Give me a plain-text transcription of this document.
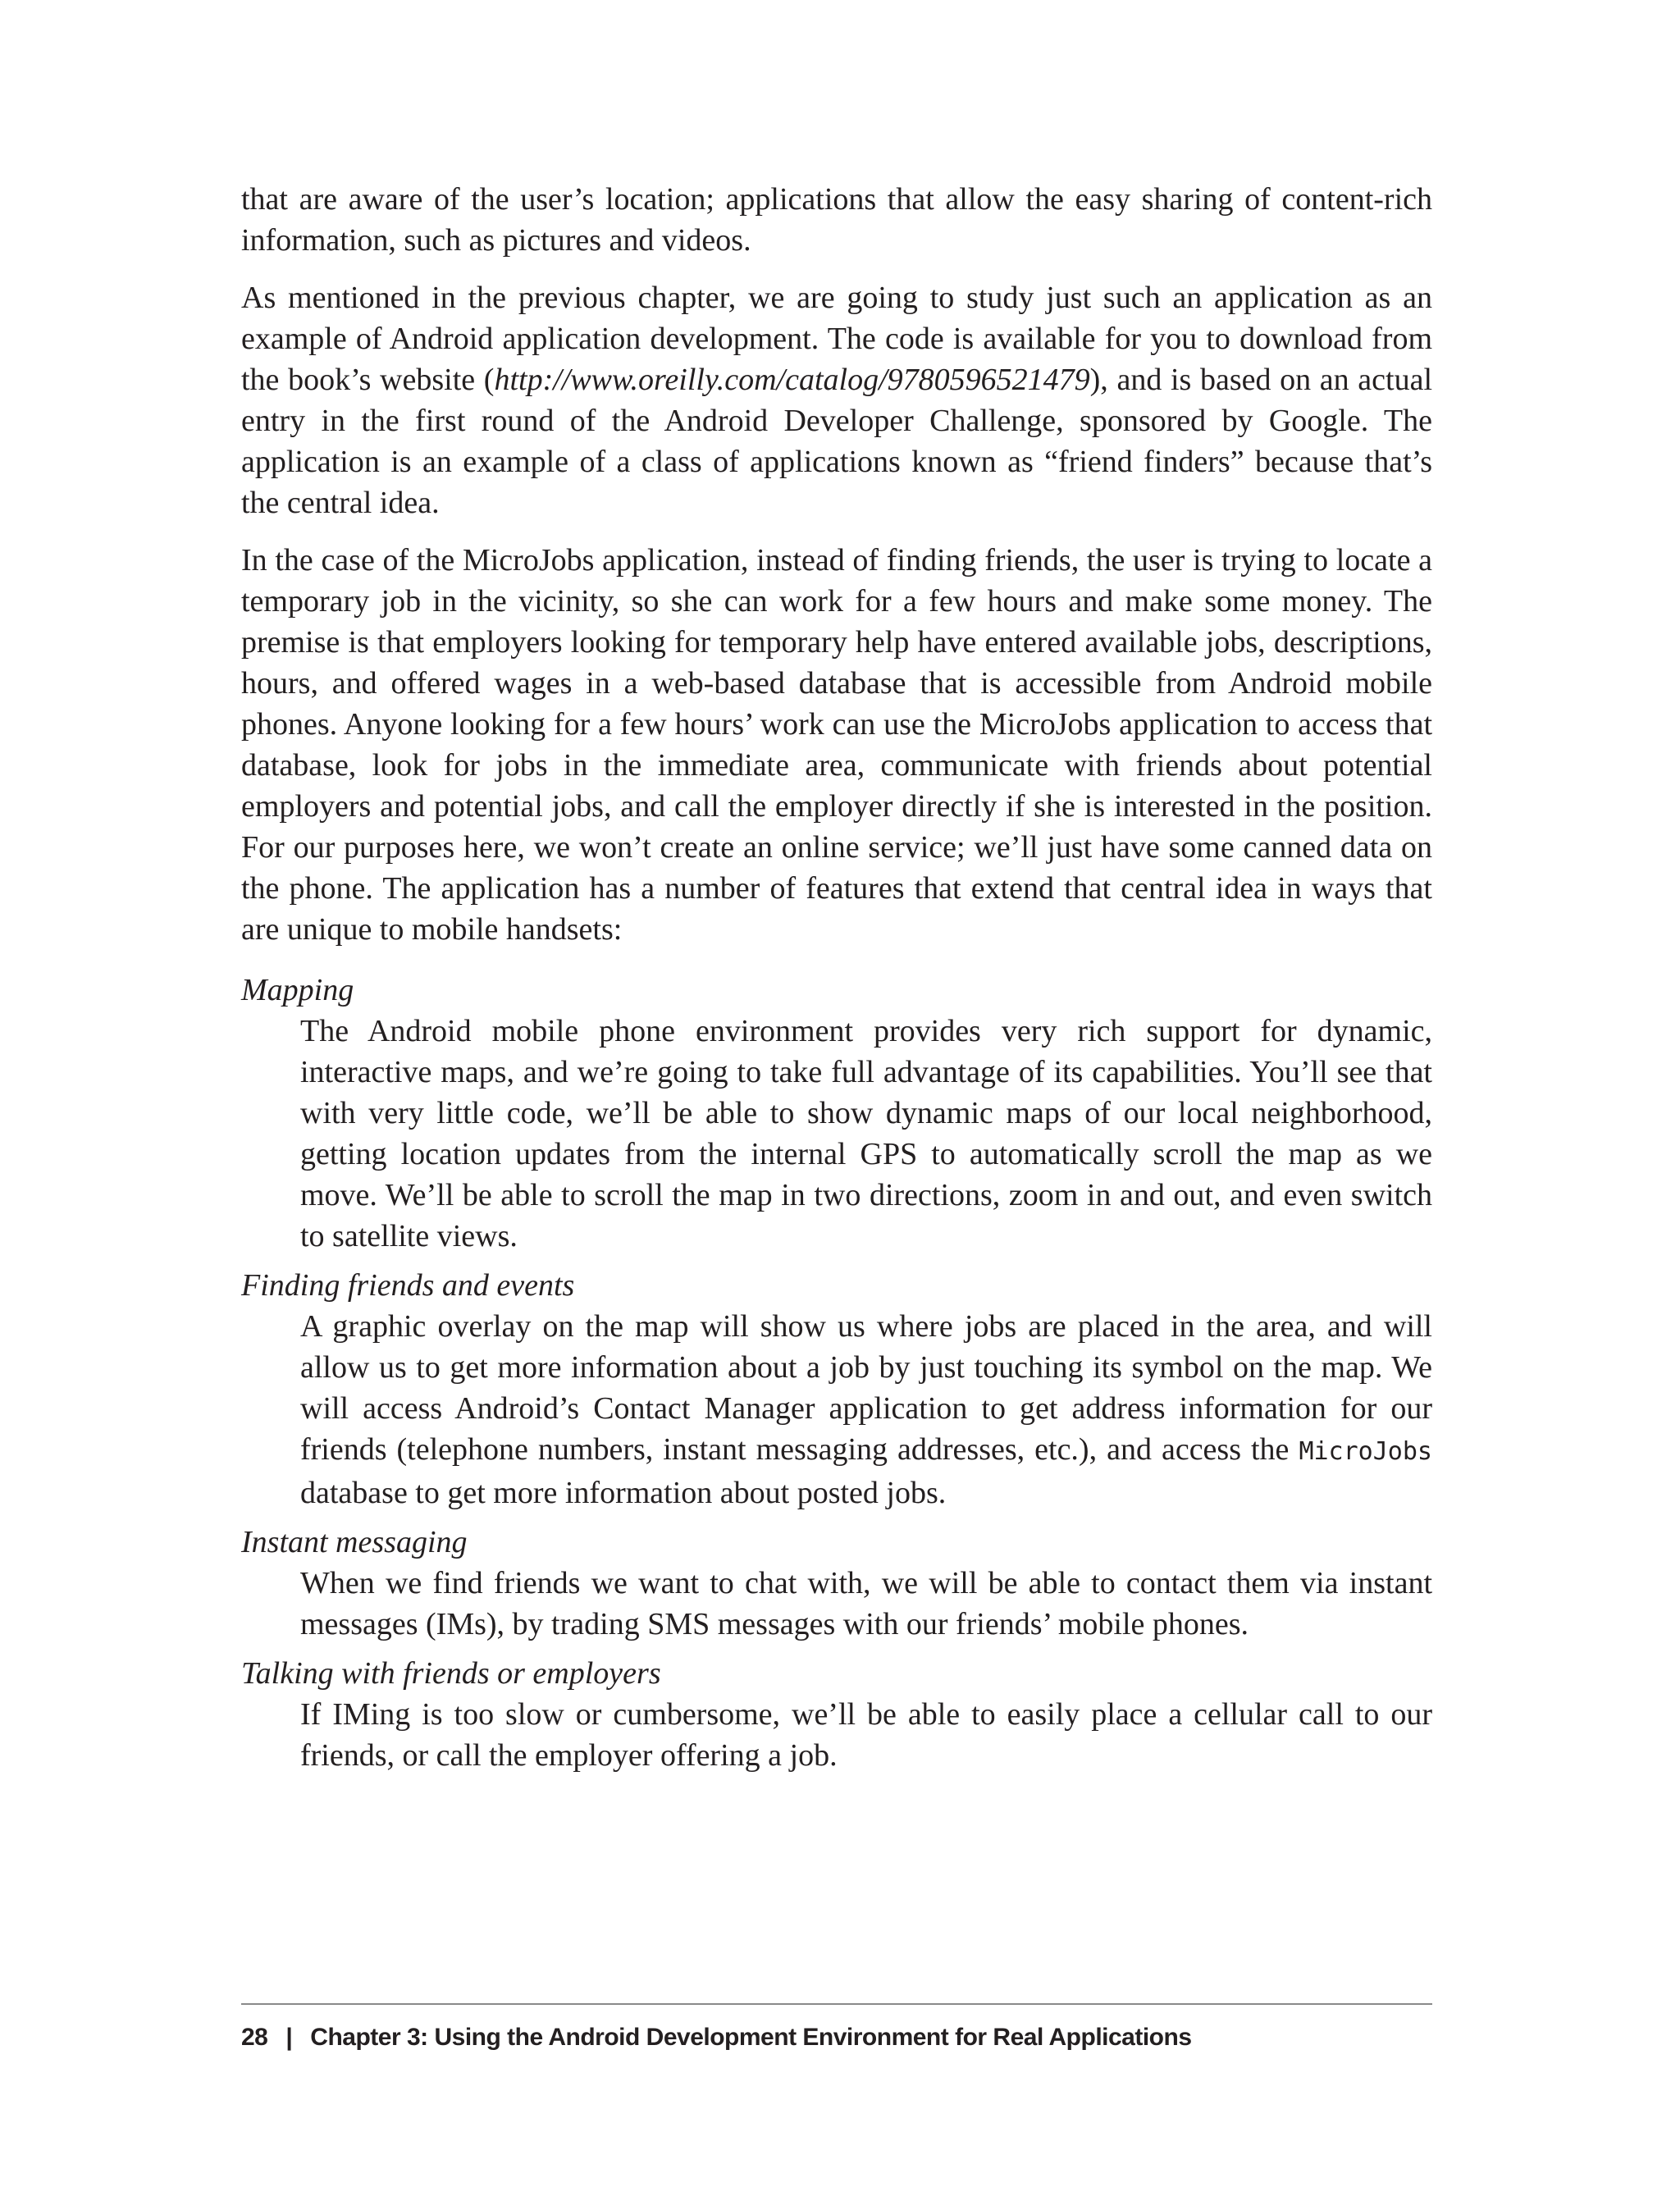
that are aware of the user’s location; applications that allow the easy sharing of content-rich information, such as pictures and videos.

As mentioned in the previous chapter, we are going to study just such an application as an example of Android application development. The code is available for you to download from the book’s website (http://www.oreilly.com/catalog/9780596521479), and is based on an actual entry in the first round of the Android Developer Challenge, sponsored by Google. The application is an example of a class of applications known as “friend finders” because that’s the central idea.

In the case of the MicroJobs application, instead of finding friends, the user is trying to locate a temporary job in the vicinity, so she can work for a few hours and make some money. The premise is that employers looking for temporary help have entered available jobs, descriptions, hours, and offered wages in a web-based database that is accessible from Android mobile phones. Anyone looking for a few hours’ work can use the MicroJobs application to access that database, look for jobs in the immediate area, communicate with friends about potential employers and potential jobs, and call the employer directly if she is interested in the position. For our purposes here, we won’t create an online service; we’ll just have some canned data on the phone. The application has a number of features that extend that central idea in ways that are unique to mobile handsets:

Mapping

The Android mobile phone environment provides very rich support for dynamic, interactive maps, and we’re going to take full advantage of its capabilities. You’ll see that with very little code, we’ll be able to show dynamic maps of our local neighborhood, getting location updates from the internal GPS to automatically scroll the map as we move. We’ll be able to scroll the map in two directions, zoom in and out, and even switch to satellite views.

Finding friends and events

A graphic overlay on the map will show us where jobs are placed in the area, and will allow us to get more information about a job by just touching its symbol on the map. We will access Android’s Contact Manager application to get address information for our friends (telephone numbers, instant messaging addresses, etc.), and access the MicroJobs database to get more information about posted jobs.

Instant messaging

When we find friends we want to chat with, we will be able to contact them via instant messages (IMs), by trading SMS messages with our friends’ mobile phones.

Talking with friends or employers

If IMing is too slow or cumbersome, we’ll be able to easily place a cellular call to our friends, or call the employer offering a job.

28 | Chapter 3: Using the Android Development Environment for Real Applications
